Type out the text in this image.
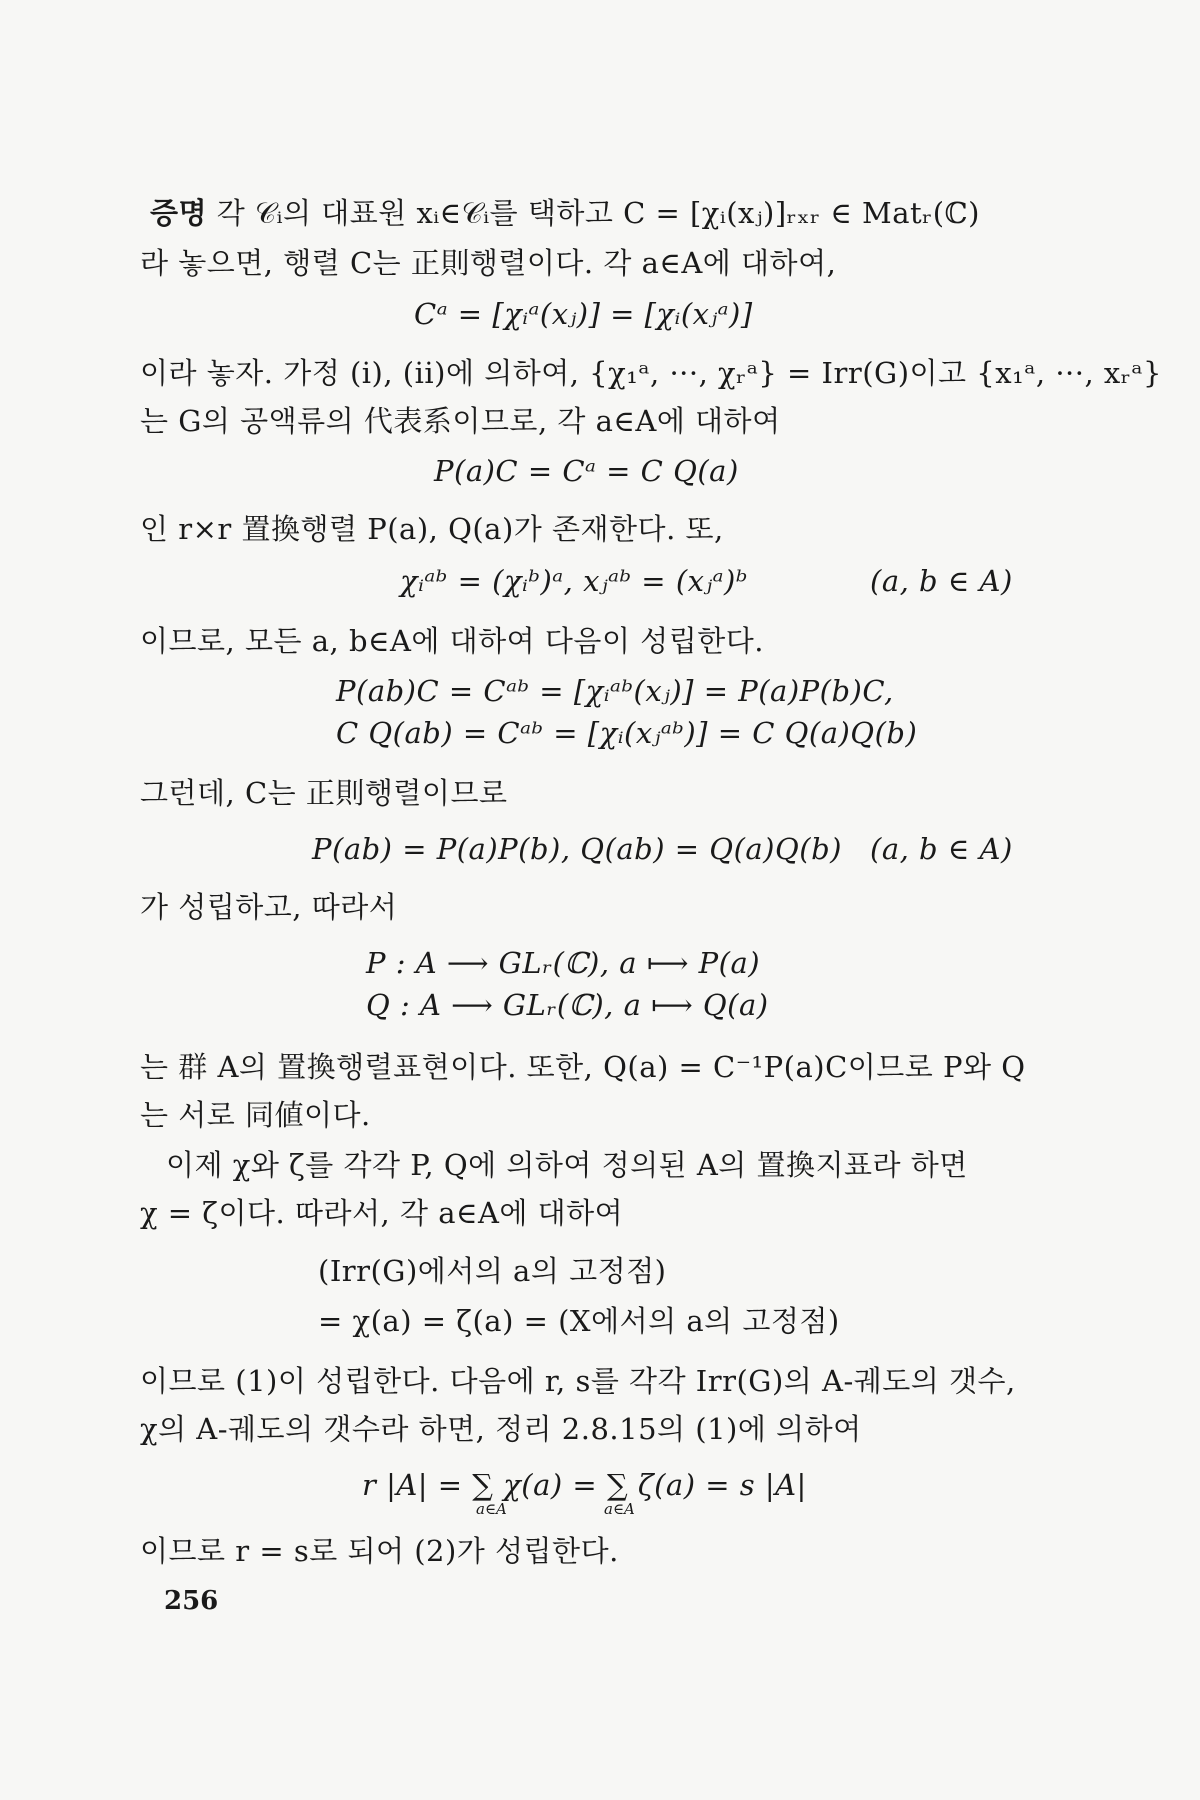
증명 각 𝒞ᵢ의 대표원 xᵢ∈𝒞ᵢ를 택하고 C = [χᵢ(xⱼ)]ᵣₓᵣ ∈ Matᵣ(ℂ)
라 놓으면, 행렬 C는 正則행렬이다. 각 a∈A에 대하여,
Cᵃ = [χᵢᵃ(xⱼ)] = [χᵢ(xⱼᵃ)]
이라 놓자. 가정 (i), (ii)에 의하여, {χ₁ᵃ, ···, χᵣᵃ} = Irr(G)이고 {x₁ᵃ, ···, xᵣᵃ}
는 G의 공액류의 代表系이므로, 각 a∈A에 대하여
P(a)C = Cᵃ = C Q(a)
인 r×r 置換행렬 P(a), Q(a)가 존재한다. 또,
χᵢᵃᵇ = (χᵢᵇ)ᵃ, xⱼᵃᵇ = (xⱼᵃ)ᵇ	(a, b ∈ A)
이므로, 모든 a, b∈A에 대하여 다음이 성립한다.
P(ab)C = Cᵃᵇ = [χᵢᵃᵇ(xⱼ)] = P(a)P(b)C,
C Q(ab) = Cᵃᵇ = [χᵢ(xⱼᵃᵇ)] = C Q(a)Q(b)
그런데, C는 正則행렬이므로
P(ab) = P(a)P(b), Q(ab) = Q(a)Q(b) (a, b ∈ A)
가 성립하고, 따라서
P : A ⟶ GLᵣ(ℂ), a ⟼ P(a)
Q : A ⟶ GLᵣ(ℂ), a ⟼ Q(a)
는 群 A의 置換행렬표현이다. 또한, Q(a) = C⁻¹P(a)C이므로 P와 Q
는 서로 同値이다.
이제 χ와 ζ를 각각 P, Q에 의하여 정의된 A의 置換지표라 하면
χ = ζ이다. 따라서, 각 a∈A에 대하여
(Irr(G)에서의 a의 고정점)
= χ(a) = ζ(a) = (X에서의 a의 고정점)
이므로 (1)이 성립한다. 다음에 r, s를 각각 Irr(G)의 A-궤도의 갯수,
χ의 A-궤도의 갯수라 하면, 정리 2.8.15의 (1)에 의하여
r |A| = ∑ χ(a) = ∑ ζ(a) = s |A|
a∈A	a∈A
이므로 r = s로 되어 (2)가 성립한다.
256
